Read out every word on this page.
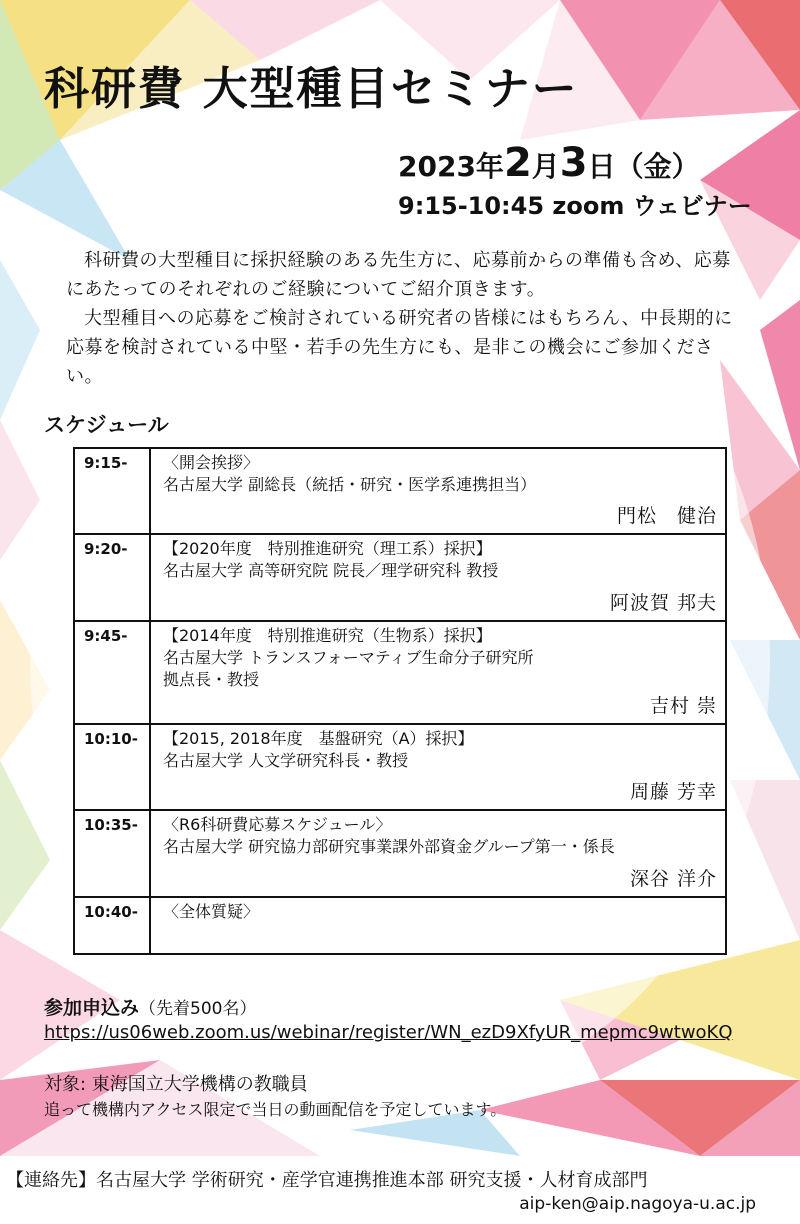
科研費 大型種目セミナー
2023年2月3日（金）
9:15-10:45 zoom ウェビナー

科研費の大型種目に採択経験のある先生方に、応募前からの準備も含め、応募にあたってのそれぞれのご経験についてご紹介頂きます。

大型種目への応募をご検討されている研究者の皆様にはもちろん、中長期的に応募を検討されている中堅・若手の先生方にも、是非この機会にご参加ください。

スケジュール
9:15-	〈開会挨拶〉
名古屋大学 副総長（統括・研究・医学系連携担当）
門松　健治
9:20-	【2020年度　特別推進研究（理工系）採択】
名古屋大学 高等研究院 院長／理学研究科 教授
阿波賀 邦夫
9:45-	【2014年度　特別推進研究（生物系）採択】
名古屋大学 トランスフォーマティブ生命分子研究所
拠点長・教授
吉村 崇
10:10-	【2015, 2018年度　基盤研究（A）採択】
名古屋大学 人文学研究科長・教授
周藤 芳幸
10:35-	〈R6科研費応募スケジュール〉
名古屋大学 研究協力部研究事業課外部資金グループ第一・係長
深谷 洋介
10:40-	〈全体質疑〉
参加申込み（先着500名）
https://us06web.zoom.us/webinar/register/WN_ezD9XfyUR_mepmc9wtwoKQ
対象: 東海国立大学機構の教職員
追って機構内アクセス限定で当日の動画配信を予定しています。
【連絡先】名古屋大学 学術研究・産学官連携推進本部 研究支援・人材育成部門
aip-ken@aip.nagoya-u.ac.jp
